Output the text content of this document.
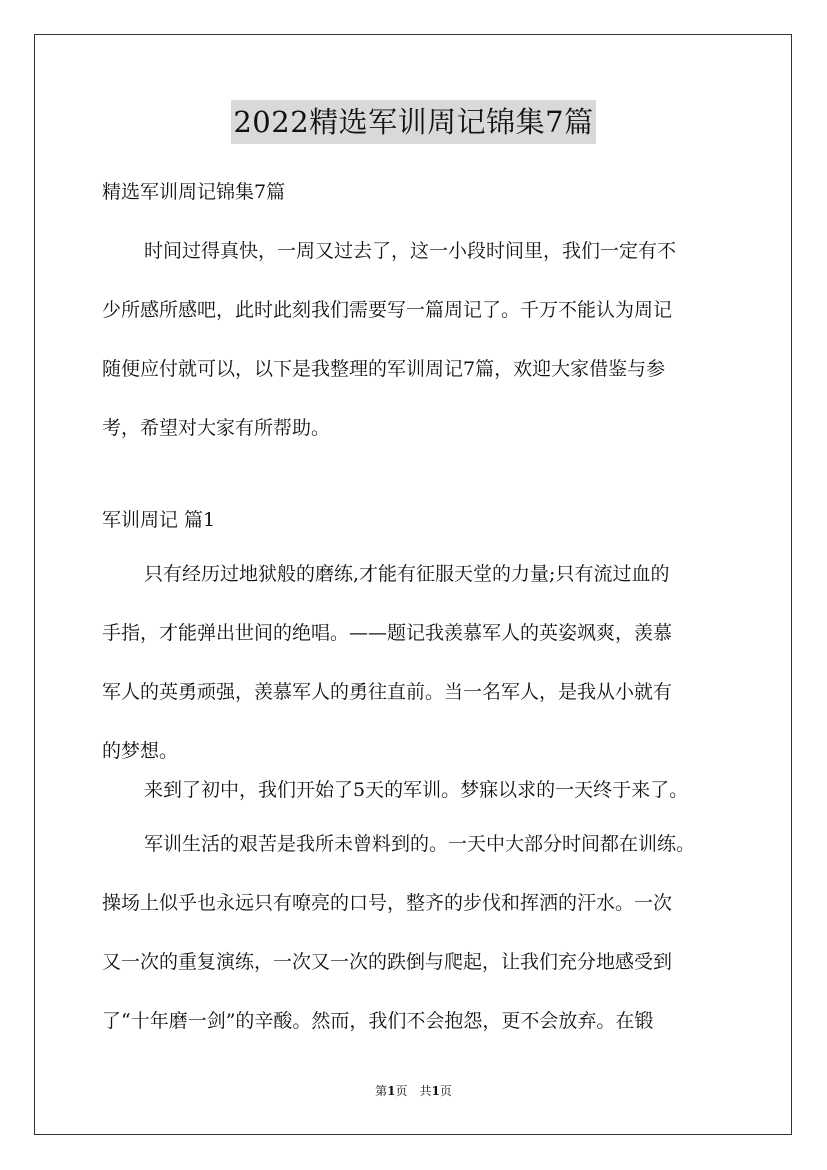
2022精选军训周记锦集7篇
精选军训周记锦集7篇
时间过得真快，一周又过去了，这一小段时间里，我们一定有不
少所感所感吧，此时此刻我们需要写一篇周记了。千万不能认为周记
随便应付就可以，以下是我整理的军训周记7篇，欢迎大家借鉴与参
考，希望对大家有所帮助。
军训周记 篇1
只有经历过地狱般的磨练,才能有征服天堂的力量;只有流过血的
手指，才能弹出世间的绝唱。——题记我羡慕军人的英姿飒爽，羡慕
军人的英勇顽强，羡慕军人的勇往直前。当一名军人，是我从小就有
的梦想。
来到了初中，我们开始了5天的军训。梦寐以求的一天终于来了。
军训生活的艰苦是我所未曾料到的。一天中大部分时间都在训练。
操场上似乎也永远只有嘹亮的口号，整齐的步伐和挥洒的汗水。一次
又一次的重复演练，一次又一次的跌倒与爬起，让我们充分地感受到
了“十年磨一剑”的辛酸。然而，我们不会抱怨，更不会放弃。在锻
第1页　共1页
